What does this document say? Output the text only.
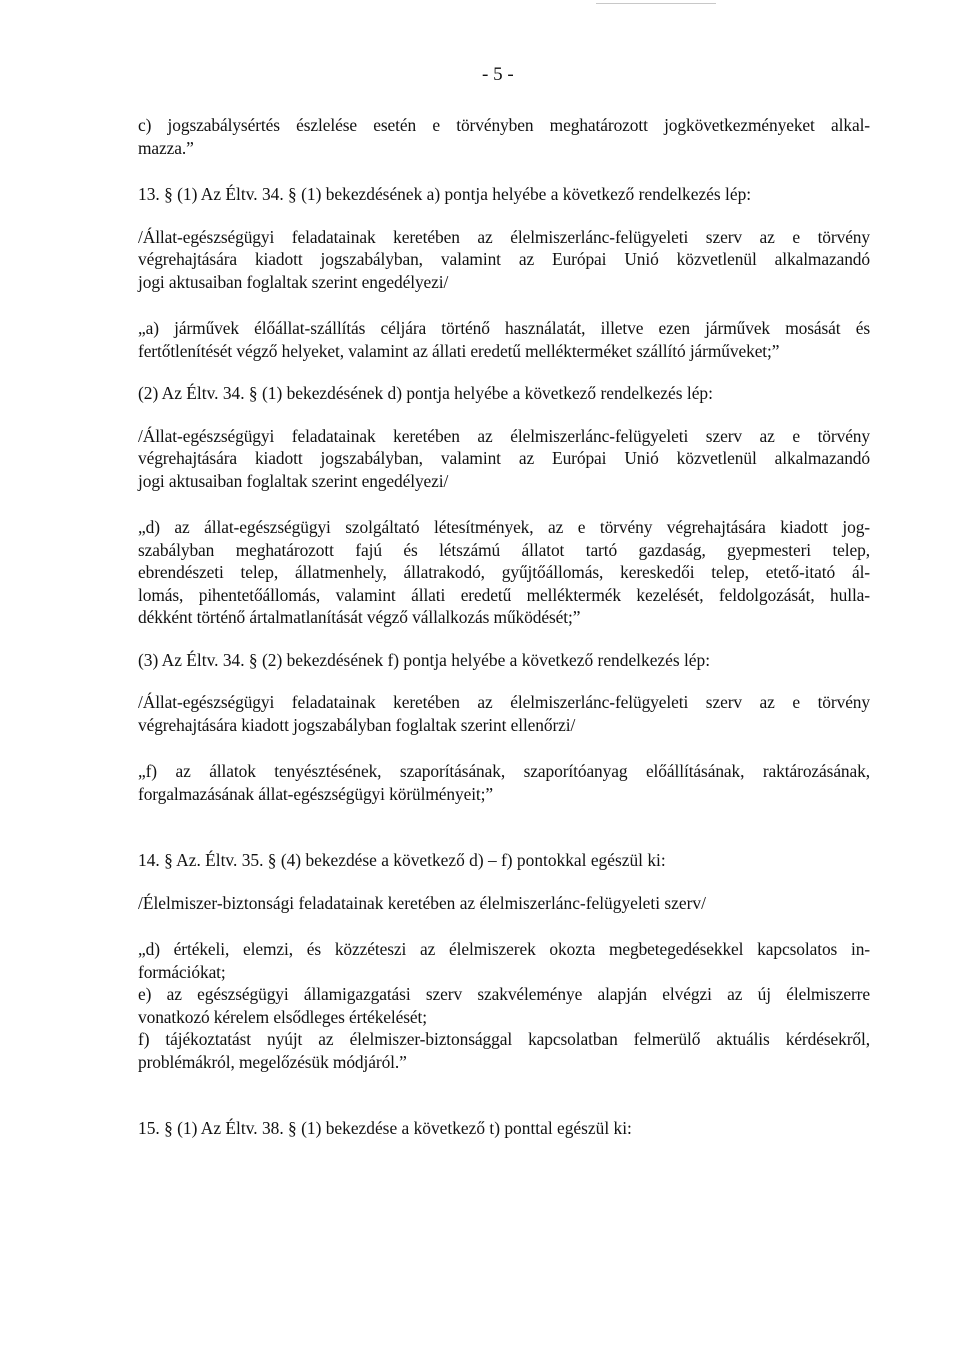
- 5 -

c) jogszabálysértés észlelése esetén e törvényben meghatározott jogkövetkezményeket alkal-
mazza.”

13. § (1) Az Éltv. 34. § (1) bekezdésének a) pontja helyébe a következő rendelkezés lép:

/Állat-egészségügyi feladatainak keretében az élelmiszerlánc-felügyeleti szerv az e törvény
végrehajtására kiadott jogszabályban, valamint az Európai Unió közvetlenül alkalmazandó
jogi aktusaiban foglaltak szerint engedélyezi/

„a) járművek élőállat-szállítás céljára történő használatát, illetve ezen járművek mosását és
fertőtlenítését végző helyeket, valamint az állati eredetű mellékterméket szállító járműveket;”

(2) Az Éltv. 34. § (1) bekezdésének d) pontja helyébe a következő rendelkezés lép:

/Állat-egészségügyi feladatainak keretében az élelmiszerlánc-felügyeleti szerv az e törvény
végrehajtására kiadott jogszabályban, valamint az Európai Unió közvetlenül alkalmazandó
jogi aktusaiban foglaltak szerint engedélyezi/

„d) az állat-egészségügyi szolgáltató létesítmények, az e törvény végrehajtására kiadott jog-
szabályban meghatározott fajú és létszámú állatot tartó gazdaság, gyepmesteri telep,
ebrendészeti telep, állatmenhely, állatrakodó, gyűjtőállomás, kereskedői telep, etető-itató ál-
lomás, pihentetőállomás, valamint állati eredetű melléktermék kezelését, feldolgozását, hulla-
dékként történő ártalmatlanítását végző vállalkozás működését;”

(3) Az Éltv. 34. § (2) bekezdésének f) pontja helyébe a következő rendelkezés lép:

/Állat-egészségügyi feladatainak keretében az élelmiszerlánc-felügyeleti szerv az e törvény
végrehajtására kiadott jogszabályban foglaltak szerint ellenőrzi/

„f) az állatok tenyésztésének, szaporításának, szaporítóanyag előállításának, raktározásának,
forgalmazásának állat-egészségügyi körülményeit;”

14. § Az. Éltv. 35. § (4) bekezdése a következő d) – f) pontokkal egészül ki:

/Élelmiszer-biztonsági feladatainak keretében az élelmiszerlánc-felügyeleti szerv/

„d) értékeli, elemzi, és közzéteszi az élelmiszerek okozta megbetegedésekkel kapcsolatos in-
formációkat;
e) az egészségügyi államigazgatási szerv szakvéleménye alapján elvégzi az új élelmiszerre
vonatkozó kérelem elsődleges értékelését;
f) tájékoztatást nyújt az élelmiszer-biztonsággal kapcsolatban felmerülő aktuális kérdésekről,
problémákról, megelőzésük módjáról.”

15. § (1) Az Éltv. 38. § (1) bekezdése a következő t) ponttal egészül ki:
